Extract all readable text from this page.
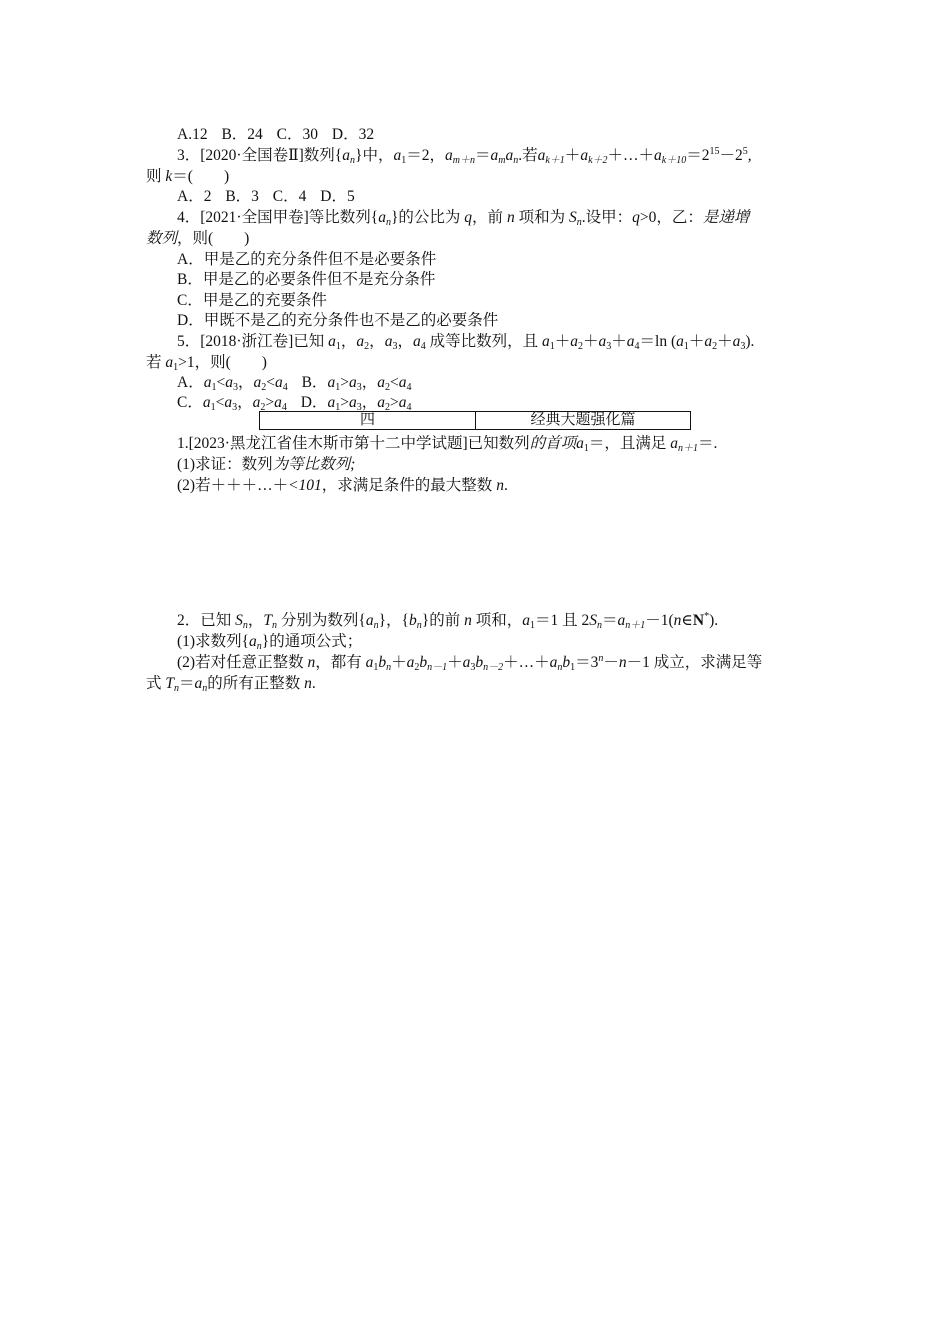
A.12 B．24 C．30 D．32
3．[2020·全国卷Ⅱ]数列$\{a_n\}$中，$a_1=2$，$a_{m+n}=a_ma_n$.若$a_{k+1}+a_{k+2}+\dots+a_{k+10}=2^{15}-2^5$,
则 k＝(　　)
A．2 B．3 C．4 D．5
4．[2021·全国甲卷]等比数列$\{a_n\}$的公比为 q，前 n 项和为 $S_n$.设甲：q>0，乙：是递增
数列，则(　　)
A．甲是乙的充分条件但不是必要条件
B．甲是乙的必要条件但不是充分条件
C．甲是乙的充要条件
D．甲既不是乙的充分条件也不是乙的必要条件
5．[2018·浙江卷]已知 $a_1$，$a_2$，$a_3$，$a_4$ 成等比数列，且 $a_1+a_2+a_3+a_4=\ln$ $(a_1+a_2+a_3)$.
若 $a_1>1$，则(　　)
A．$a_1<a_3$，$a_2<a_4$ B．$a_1>a_3$，$a_2<a_4$
C．$a_1<a_3$，$a_2>a_4$ D．$a_1>a_3$，$a_2>a_4$
四	经典大题强化篇
1.[2023·黑龙江省佳木斯市第十二中学试题]已知数列的首项$a_1=$，且满足 $a_{n+1}=$.
(1)求证：数列为等比数列;
(2)若＋＋＋…＋<101，求满足条件的最大整数 n.
2．已知 $S_n$，$T_n$ 分别为数列$\{a_n\}$，$\{b_n\}$的前 n 项和，$a_1=1$ 且 $2S_n=a_{n+1}-1(n\in N^*)$.
(1)求数列$\{a_n\}$的通项公式；
(2)若对任意正整数 n，都有 $a_1b_n+a_2b_{n-1}+a_3b_{n-2}+\dots+a_nb_1=3^n-n-1$ 成立，求满足等
式 $T_n=a_n$的所有正整数 n.
